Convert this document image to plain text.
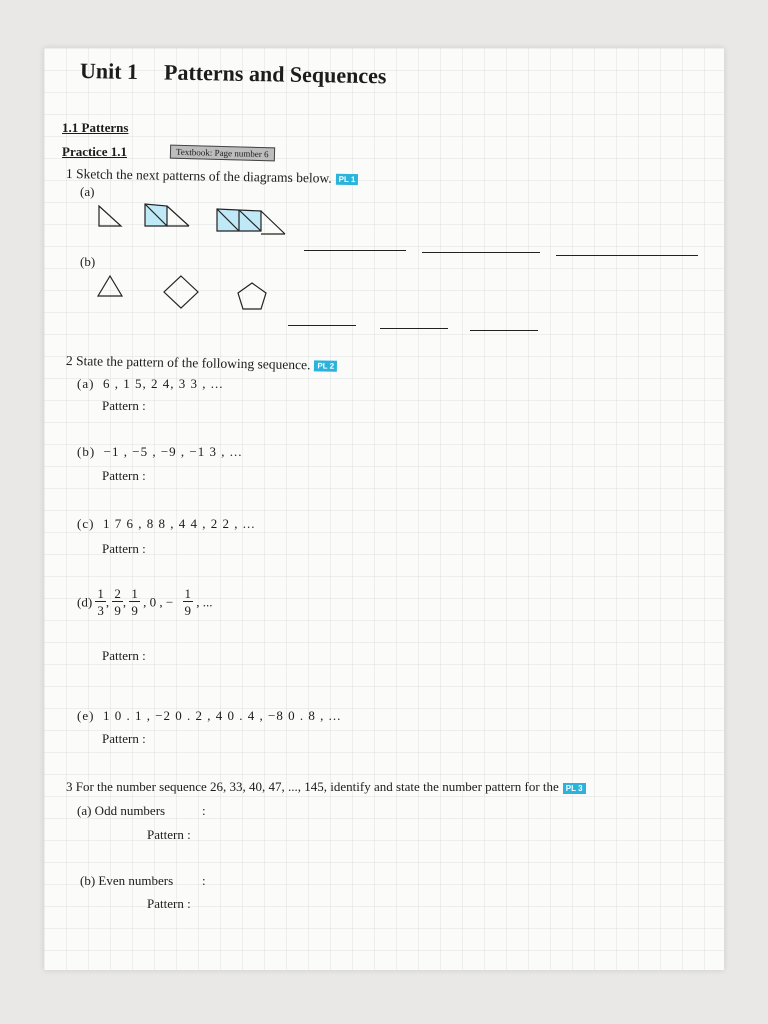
Unit 1 Patterns and Sequences
1.1 Patterns
Practice 1.1	Textbook: Page number 6
1 Sketch the next patterns of the diagrams below. PL 1
(a)
(b)
2 State the pattern of the following sequence. PL 2
(a) 6 , 1 5, 2 4, 3 3 , ...
Pattern :
(b) −1 , −5 , −9 , −1 3 , ...
Pattern :
(c) 1 7 6 , 8 8 , 4 4 , 2 2 , ...
Pattern :
$(d) \frac{1}{3}$ , $\frac{2}{9}$ , $\frac{1}{9}$ , 0 , − $\frac{1}{9}$ , ...
Pattern :
(e) 1 0 . 1 , −2 0 . 2 , 4 0 . 4 , −8 0 . 8 , ...
Pattern :
3 For the number sequence 26, 33, 40, 47, ..., 145, identify and state the number pattern for the PL 3
(a) Odd numbers	:
Pattern :
(b) Even numbers :
Pattern :
